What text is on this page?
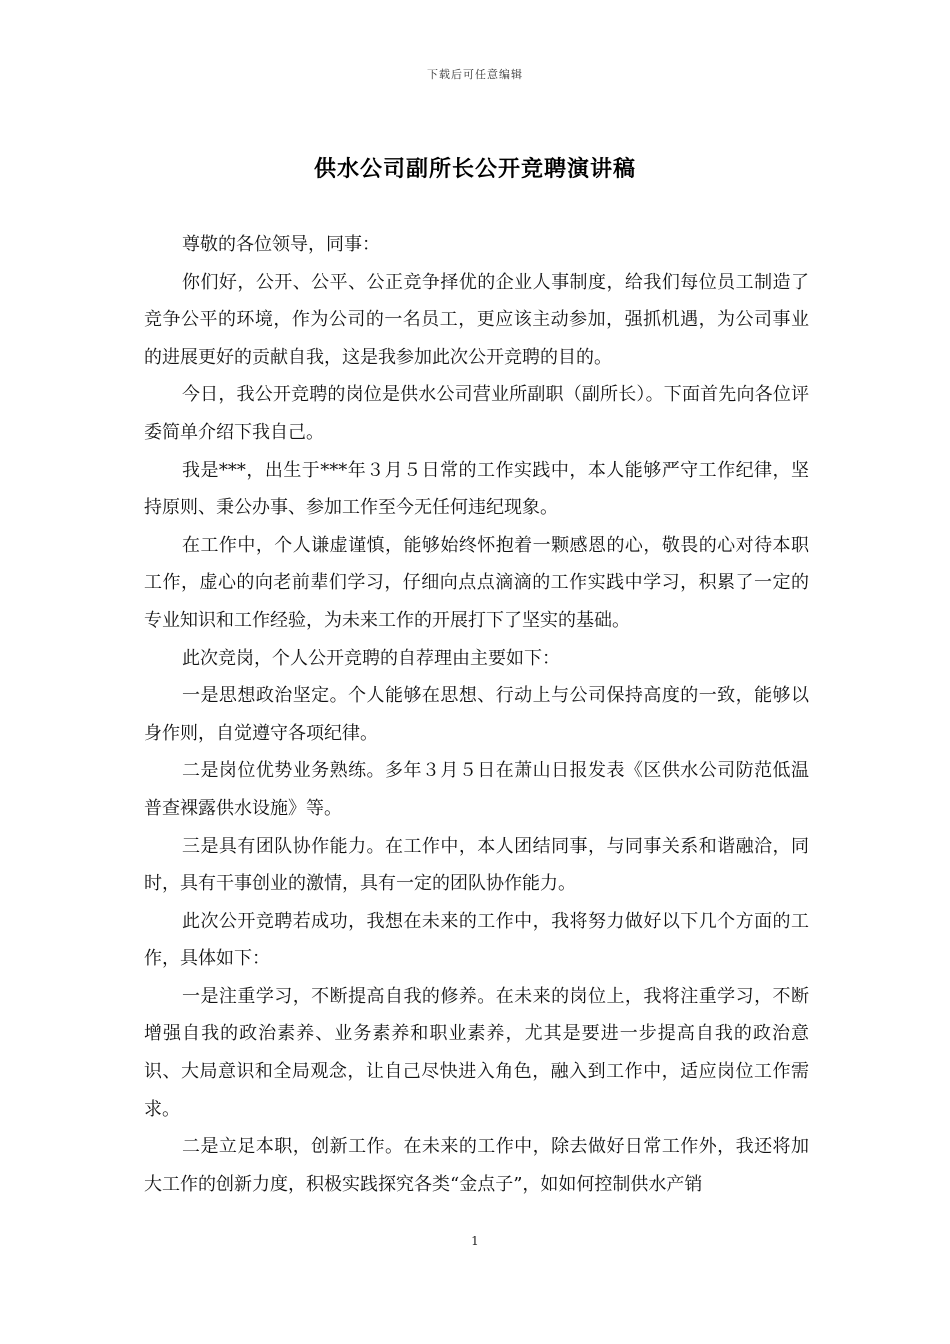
下载后可任意编辑
供水公司副所长公开竞聘演讲稿

尊敬的各位领导，同事：

你们好，公开、公平、公正竞争择优的企业人事制度，给我们每位员工制造了竞争公平的环境，作为公司的一名员工，更应该主动参加，强抓机遇，为公司事业的进展更好的贡献自我，这是我参加此次公开竞聘的目的。

今日，我公开竞聘的岗位是供水公司营业所副职（副所长）。下面首先向各位评委简单介绍下我自己。

我是***，出生于***年３月５日常的工作实践中，本人能够严守工作纪律，坚持原则、秉公办事、参加工作至今无任何违纪现象。

在工作中，个人谦虚谨慎，能够始终怀抱着一颗感恩的心，敬畏的心对待本职工作，虚心的向老前辈们学习，仔细向点点滴滴的工作实践中学习，积累了一定的专业知识和工作经验，为未来工作的开展打下了坚实的基础。

此次竞岗，个人公开竞聘的自荐理由主要如下：

一是思想政治坚定。个人能够在思想、行动上与公司保持高度的一致，能够以身作则，自觉遵守各项纪律。

二是岗位优势业务熟练。多年３月５日在萧山日报发表《区供水公司防范低温普查裸露供水设施》等。

三是具有团队协作能力。在工作中，本人团结同事，与同事关系和谐融洽，同时，具有干事创业的激情，具有一定的团队协作能力。

此次公开竞聘若成功，我想在未来的工作中，我将努力做好以下几个方面的工作，具体如下：

一是注重学习，不断提高自我的修养。在未来的岗位上，我将注重学习，不断增强自我的政治素养、业务素养和职业素养，尤其是要进一步提高自我的政治意识、大局意识和全局观念，让自己尽快进入角色，融入到工作中，适应岗位工作需求。

二是立足本职，创新工作。在未来的工作中，除去做好日常工作外，我还将加大工作的创新力度，积极实践探究各类“金点子”，如如何控制供水产销

1
